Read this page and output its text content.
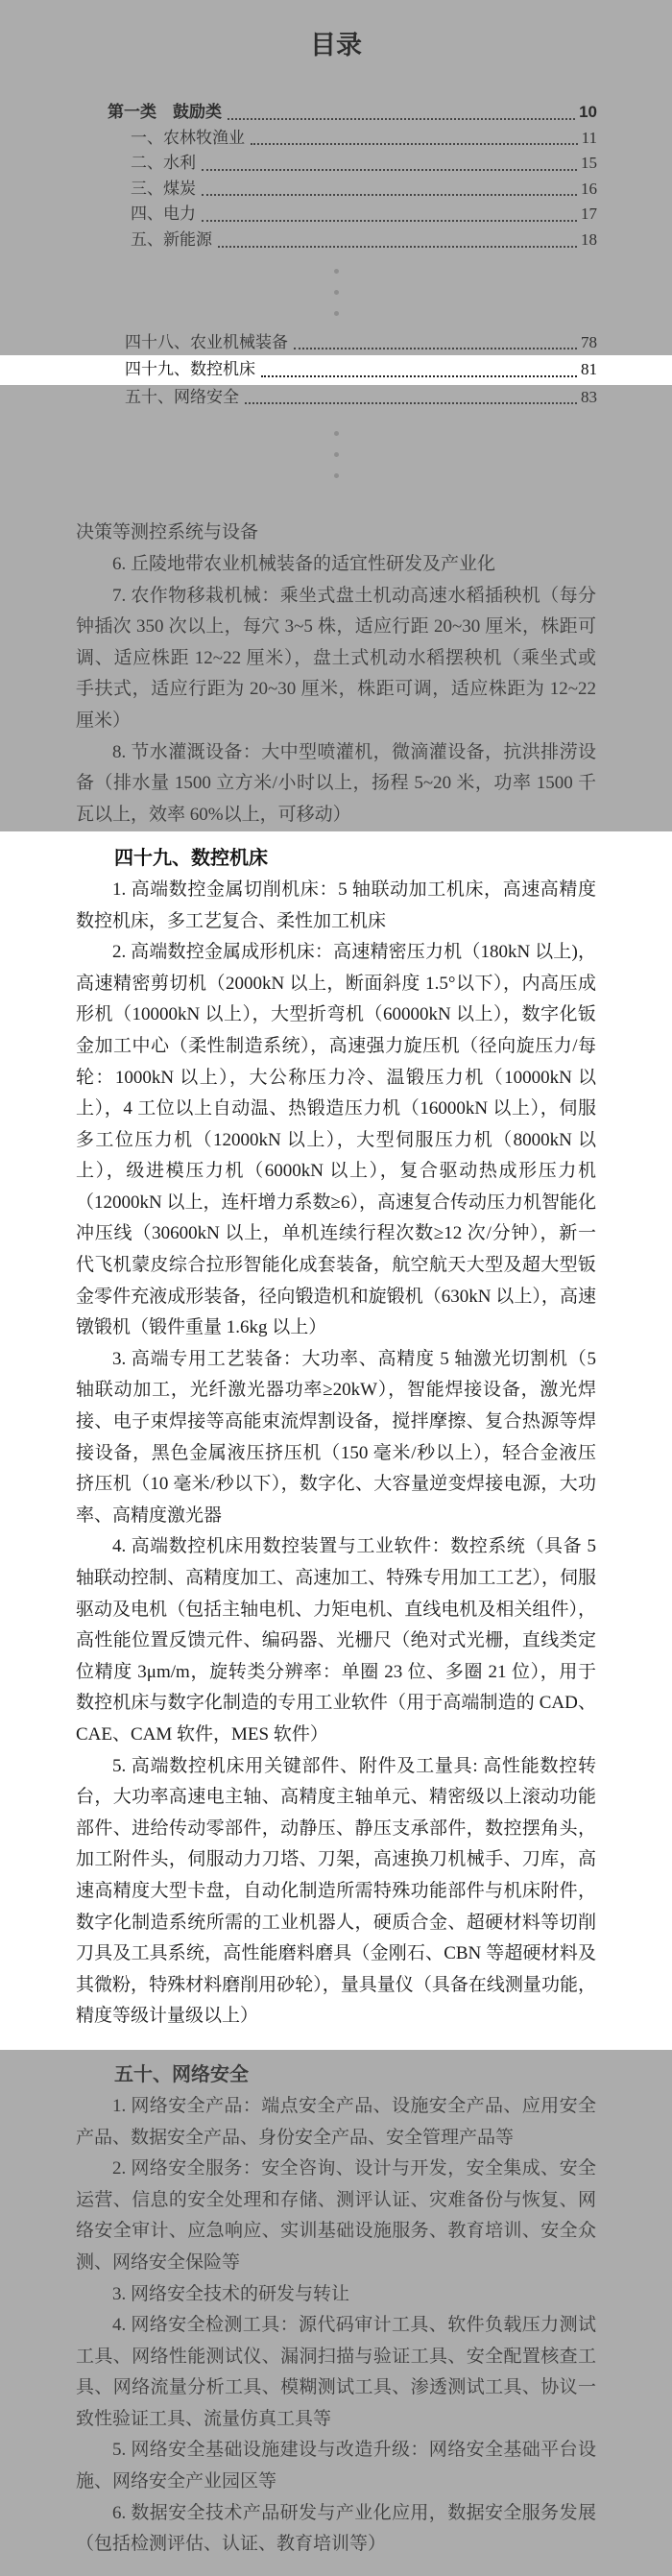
目录
第一类　鼓励类	10
一、农林牧渔业	11
二、水利	15
三、煤炭	16
四、电力	17
五、新能源	18
四十八、农业机械装备	78
四十九、数控机床	81
五十、网络安全	83

决策等测控系统与设备

6. 丘陵地带农业机械装备的适宜性研发及产业化

7. 农作物移栽机械：乘坐式盘土机动高速水稻插秧机（每分钟插次 350 次以上，每穴 3~5 株，适应行距 20~30 厘米，株距可调、适应株距 12~22 厘米），盘土式机动水稻摆秧机（乘坐式或手扶式，适应行距为 20~30 厘米，株距可调，适应株距为 12~22 厘米）

8. 节水灌溉设备：大中型喷灌机，微滴灌设备，抗洪排涝设备（排水量 1500 立方米/小时以上，扬程 5~20 米，功率 1500 千瓦以上，效率 60%以上，可移动）

四十九、数控机床

1. 高端数控金属切削机床：5 轴联动加工机床，高速高精度数控机床，多工艺复合、柔性加工机床

2. 高端数控金属成形机床：高速精密压力机（180kN 以上)，高速精密剪切机（2000kN 以上，断面斜度 1.5°以下），内高压成形机（10000kN 以上），大型折弯机（60000kN 以上），数字化钣金加工中心（柔性制造系统），高速强力旋压机（径向旋压力/每轮：1000kN 以上），大公称压力冷、温锻压力机（10000kN 以上），4 工位以上自动温、热锻造压力机（16000kN 以上），伺服多工位压力机（12000kN 以上），大型伺服压力机（8000kN 以上），级进模压力机（6000kN 以上），复合驱动热成形压力机（12000kN 以上，连杆增力系数≥6），高速复合传动压力机智能化冲压线（30600kN 以上，单机连续行程次数≥12 次/分钟），新一代飞机蒙皮综合拉形智能化成套装备，航空航天大型及超大型钣金零件充液成形装备，径向锻造机和旋锻机（630kN 以上），高速镦锻机（锻件重量 1.6kg 以上）

3. 高端专用工艺装备：大功率、高精度 5 轴激光切割机（5 轴联动加工，光纤激光器功率≥20kW），智能焊接设备，激光焊接、电子束焊接等高能束流焊割设备，搅拌摩擦、复合热源等焊接设备，黑色金属液压挤压机（150 毫米/秒以上），轻合金液压挤压机（10 毫米/秒以下），数字化、大容量逆变焊接电源，大功率、高精度激光器

4. 高端数控机床用数控装置与工业软件：数控系统（具备 5 轴联动控制、高精度加工、高速加工、特殊专用加工工艺），伺服驱动及电机（包括主轴电机、力矩电机、直线电机及相关组件），高性能位置反馈元件、编码器、光栅尺（绝对式光栅，直线类定位精度 3μm/m，旋转类分辨率：单圈 23 位、多圈 21 位），用于数控机床与数字化制造的专用工业软件（用于高端制造的 CAD、CAE、CAM 软件，MES 软件）

5. 高端数控机床用关键部件、附件及工量具: 高性能数控转台，大功率高速电主轴、高精度主轴单元、精密级以上滚动功能部件、进给传动零部件，动静压、静压支承部件，数控摆角头，加工附件头，伺服动力刀塔、刀架，高速换刀机械手、刀库，高速高精度大型卡盘，自动化制造所需特殊功能部件与机床附件，数字化制造系统所需的工业机器人，硬质合金、超硬材料等切削刀具及工具系统，高性能磨料磨具（金刚石、CBN 等超硬材料及其微粉，特殊材料磨削用砂轮），量具量仪（具备在线测量功能，精度等级计量级以上）

五十、网络安全

1. 网络安全产品：端点安全产品、设施安全产品、应用安全产品、数据安全产品、身份安全产品、安全管理产品等

2. 网络安全服务：安全咨询、设计与开发，安全集成、安全运营、信息的安全处理和存储、测评认证、灾难备份与恢复、网络安全审计、应急响应、实训基础设施服务、教育培训、安全众测、网络安全保险等

3. 网络安全技术的研发与转让

4. 网络安全检测工具：源代码审计工具、软件负载压力测试工具、网络性能测试仪、漏洞扫描与验证工具、安全配置核查工具、网络流量分析工具、模糊测试工具、渗透测试工具、协议一致性验证工具、流量仿真工具等

5. 网络安全基础设施建设与改造升级：网络安全基础平台设施、网络安全产业园区等

6. 数据安全技术产品研发与产业化应用，数据安全服务发展（包括检测评估、认证、教育培训等）
